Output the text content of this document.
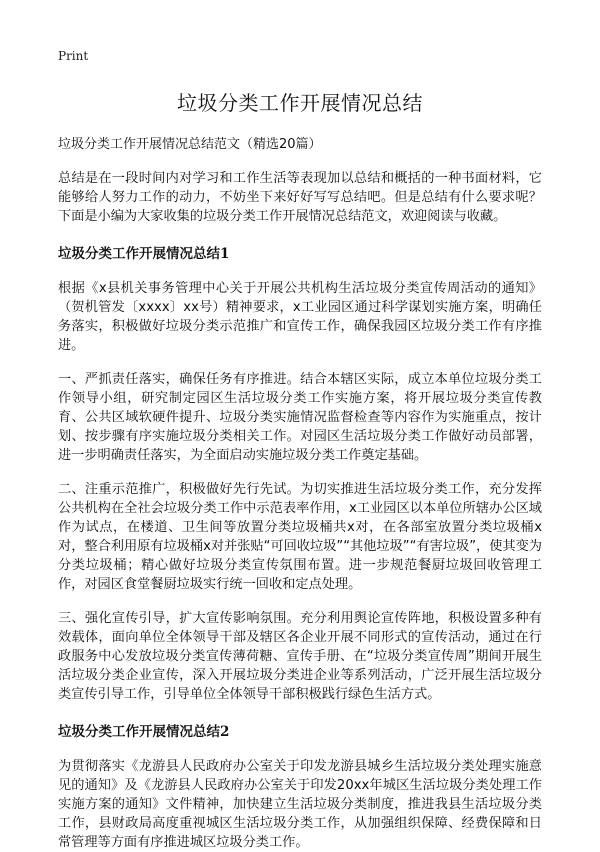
Print
垃圾分类工作开展情况总结

垃圾分类工作开展情况总结范文（精选20篇）

总结是在一段时间内对学习和工作生活等表现加以总结和概括的一种书面材料，它能够给人努力工作的动力，不妨坐下来好好写写总结吧。但是总结有什么要求呢？下面是小编为大家收集的垃圾分类工作开展情况总结范文，欢迎阅读与收藏。

垃圾分类工作开展情况总结1

根据《x县机关事务管理中心关于开展公共机构生活垃圾分类宣传周活动的通知》（贺机管发〔xxxx〕xx号）精神要求，x工业园区通过科学谋划实施方案，明确任务落实，积极做好垃圾分类示范推广和宣传工作，确保我园区垃圾分类工作有序推进。

一、严抓责任落实，确保任务有序推进。结合本辖区实际，成立本单位垃圾分类工作领导小组，研究制定园区生活垃圾分类工作实施方案，将开展垃圾分类宣传教育、公共区域软硬件提升、垃圾分类实施情况监督检查等内容作为实施重点，按计划、按步骤有序实施垃圾分类相关工作。对园区生活垃圾分类工作做好动员部署，进一步明确责任落实，为全面启动实施垃圾分类工作奠定基础。

二、注重示范推广，积极做好先行先试。为切实推进生活垃圾分类工作，充分发挥公共机构在全社会垃圾分类工作中示范表率作用，x工业园区以本单位所辖办公区域作为试点，在楼道、卫生间等放置分类垃圾桶共x对，在各部室放置分类垃圾桶x对，整合利用原有垃圾桶x对并张贴“可回收垃圾”“其他垃圾”“有害垃圾”，使其变为分类垃圾桶；精心做好垃圾分类宣传氛围布置。进一步规范餐厨垃圾回收管理工作，对园区食堂餐厨垃圾实行统一回收和定点处理。

三、强化宣传引导，扩大宣传影响氛围。充分利用舆论宣传阵地，积极设置多种有效载体，面向单位全体领导干部及辖区各企业开展不同形式的宣传活动，通过在行政服务中心发放垃圾分类宣传薄荷糖、宣传手册、在“垃圾分类宣传周”期间开展生活垃圾分类企业宣传，深入开展垃圾分类进企业等系列活动，广泛开展生活垃圾分类宣传引导工作，引导单位全体领导干部积极践行绿色生活方式。

垃圾分类工作开展情况总结2

为贯彻落实《龙游县人民政府办公室关于印发龙游县城乡生活垃圾分类处理实施意见的通知》及《龙游县人民政府办公室关于印发20xx年城区生活垃圾分类处理工作实施方案的通知》文件精神，加快建立生活垃圾分类制度，推进我县生活垃圾分类工作，县财政局高度重视城区生活垃圾分类工作，从加强组织保障、经费保障和日常管理等方面有序推进城区垃圾分类工作。
